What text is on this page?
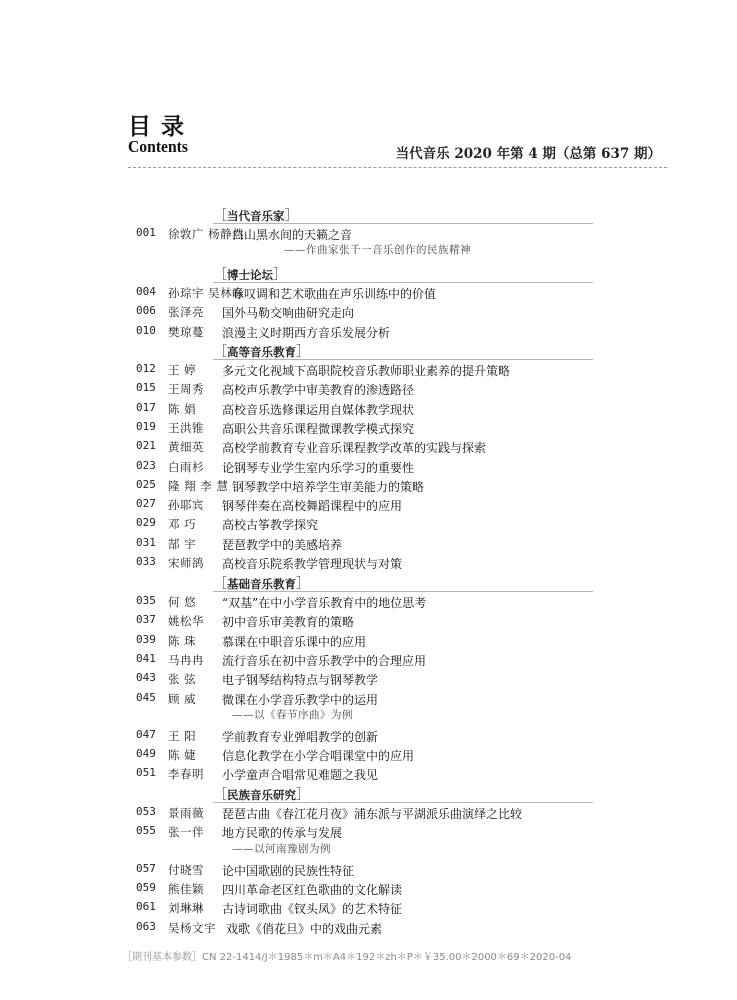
目录
Contents	当代音乐 2020 年第 4 期（总第 637 期）
［当代音乐家］
001 徐敦广 杨静然
白山黑水间的天籁之音
——作曲家张千一音乐创作的民族精神
［博士论坛］
004 孙琮宇 吴林春
咏叹调和艺术歌曲在声乐训练中的价值
006 张泽亮 国外马勒交响曲研究走向
010 樊琼蔓 浪漫主义时期西方音乐发展分析
［高等音乐教育］
012 王 婷 多元文化视域下高职院校音乐教师职业素养的提升策略
015 王周秀 高校声乐教学中审美教育的渗透路径
017 陈 娟 高校音乐选修课运用自媒体教学现状
019 王洪锥 高职公共音乐课程微课教学模式探究
021 黄细英 高校学前教育专业音乐课程教学改革的实践与探索
023 白雨杉 论钢琴专业学生室内乐学习的重要性
025 隆 翔 李 慧 钢琴教学中培养学生审美能力的策略
027 孙耶宾 钢琴伴奏在高校舞蹈课程中的应用
029 邓 巧 高校古筝教学探究
031 郜 宇 琵琶教学中的美感培养
033 宋师鹆 高校音乐院系教学管理现状与对策
［基础音乐教育］
035 何 悠 “双基”在中小学音乐教育中的地位思考
037 姚松华 初中音乐审美教育的策略
039 陈 珠 慕课在中职音乐课中的应用
041 马冉冉 流行音乐在初中音乐教学中的合理应用
043 张 弦 电子钢琴结构特点与钢琴教学
045 顾 威 微课在小学音乐教学中的运用
——以《春节序曲》为例
047 王 阳 学前教育专业弹唱教学的创新
049 陈 婕 信息化教学在小学合唱课堂中的应用
051 李春明 小学童声合唱常见难题之我见
［民族音乐研究］
053 景雨薇 琵琶古曲《春江花月夜》浦东派与平湖派乐曲演绎之比较
055 张一伴 地方民歌的传承与发展
——以河南豫剧为例
057 付晓雪 论中国歌剧的民族性特征
059 熊佳颖 四川革命老区红色歌曲的文化解读
061 刘琳琳 古诗词歌曲《钗头凤》的艺术特征
063 吴杨文宇 戏歌《俏花旦》中的戏曲元素
［期刊基本参数］CN 22-1414/J＊1985＊m＊A4＊192＊zh＊P＊￥35.00＊2000＊69＊2020-04
